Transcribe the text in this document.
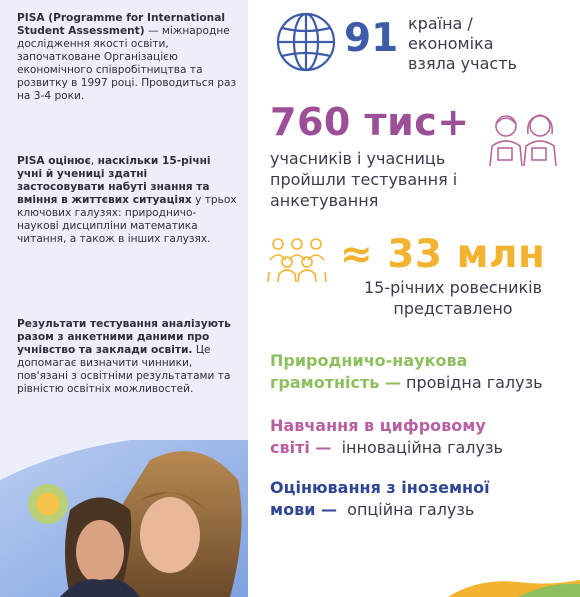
PISA (Programme for International Student Assessment) — міжнародне дослідження якості освіти, започатковане Організацією економічного співробітництва та розвитку в 1997 році. Проводиться раз на 3-4 роки.
PISA оцінює, наскільки 15-річні учні й учениці здатні застосовувати набуті знання та вміння в життєвих ситуаціях у трьох ключових галузях: природничо-наукові дисципліни математика
читання, а також в інших галузях.
Результати тестування аналізують разом з анкетними даними про учнівство та заклади освіти. Це допомагає визначити чинники, пов'язані з освітніми результатами та рівністю освітніх можливостей.
91 країна /
економіка
взяла участь
760 тис+
учасників і учасниць
пройшли тестування і
анкетування
≈ 33 млн
15-річних ровесників
представлено
Природничо-наукова
грамотність — провідна галузь
Навчання в цифровому
світі —  інноваційна галузь
Оцінювання з іноземної
мови —  опційна галузь
